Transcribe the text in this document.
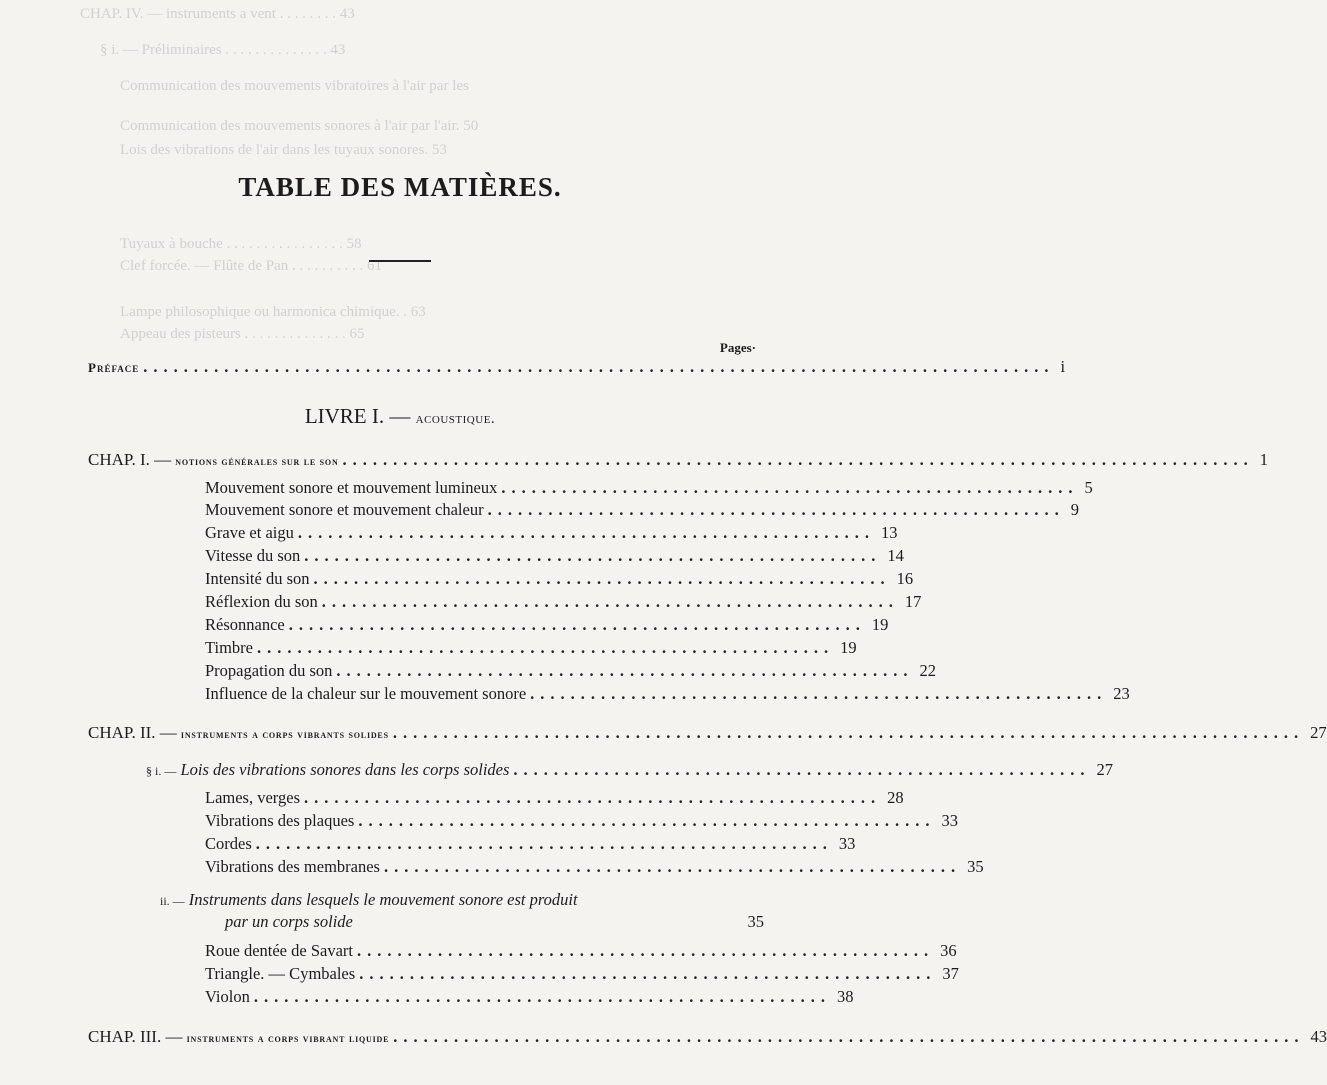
CHAP. IV. — instruments a vent . . . . . . . . 43
§ i. — Préliminaires . . . . . . . . . . . . . . 43
Communication des mouvements vibratoires à l'air par les
Communication des mouvements sonores à l'air par l'air. 50
Lois des vibrations de l'air dans les tuyaux sonores. 53
Tuyaux à bouche . . . . . . . . . . . . . . . . 58
Clef forcée. — Flûte de Pan . . . . . . . . . . 61
Lampe philosophique ou harmonica chimique. . 63
Appeau des pisteurs . . . . . . . . . . . . . . 65
TABLE DES MATIÈRES.
Pages·
Préface .......................................................................................... i
LIVRE I. — acoustique.
CHAP. I. — notions générales sur le son .......................................................................................... 1
Mouvement sonore et mouvement lumineux ......................................................... 5
Mouvement sonore et mouvement chaleur ......................................................... 9
Grave et aigu ......................................................... 13
Vitesse du son ......................................................... 14
Intensité du son ......................................................... 16
Réflexion du son ......................................................... 17
Résonnance ......................................................... 19
Timbre ......................................................... 19
Propagation du son ......................................................... 22
Influence de la chaleur sur le mouvement sonore ......................................................... 23
CHAP. II. — instruments a corps vibrants solides .......................................................................................... 27
§ i. — Lois des vibrations sonores dans les corps solides ......................................................... 27
Lames, verges ......................................................... 28
Vibrations des plaques ......................................................... 33
Cordes ......................................................... 33
Vibrations des membranes ......................................................... 35
ii. — Instruments dans lesquels le mouvement sonore est produit
par un corps solide	35
Roue dentée de Savart ......................................................... 36
Triangle. — Cymbales ......................................................... 37
Violon ......................................................... 38
CHAP. III. — instruments a corps vibrant liquide .......................................................................................... 43
